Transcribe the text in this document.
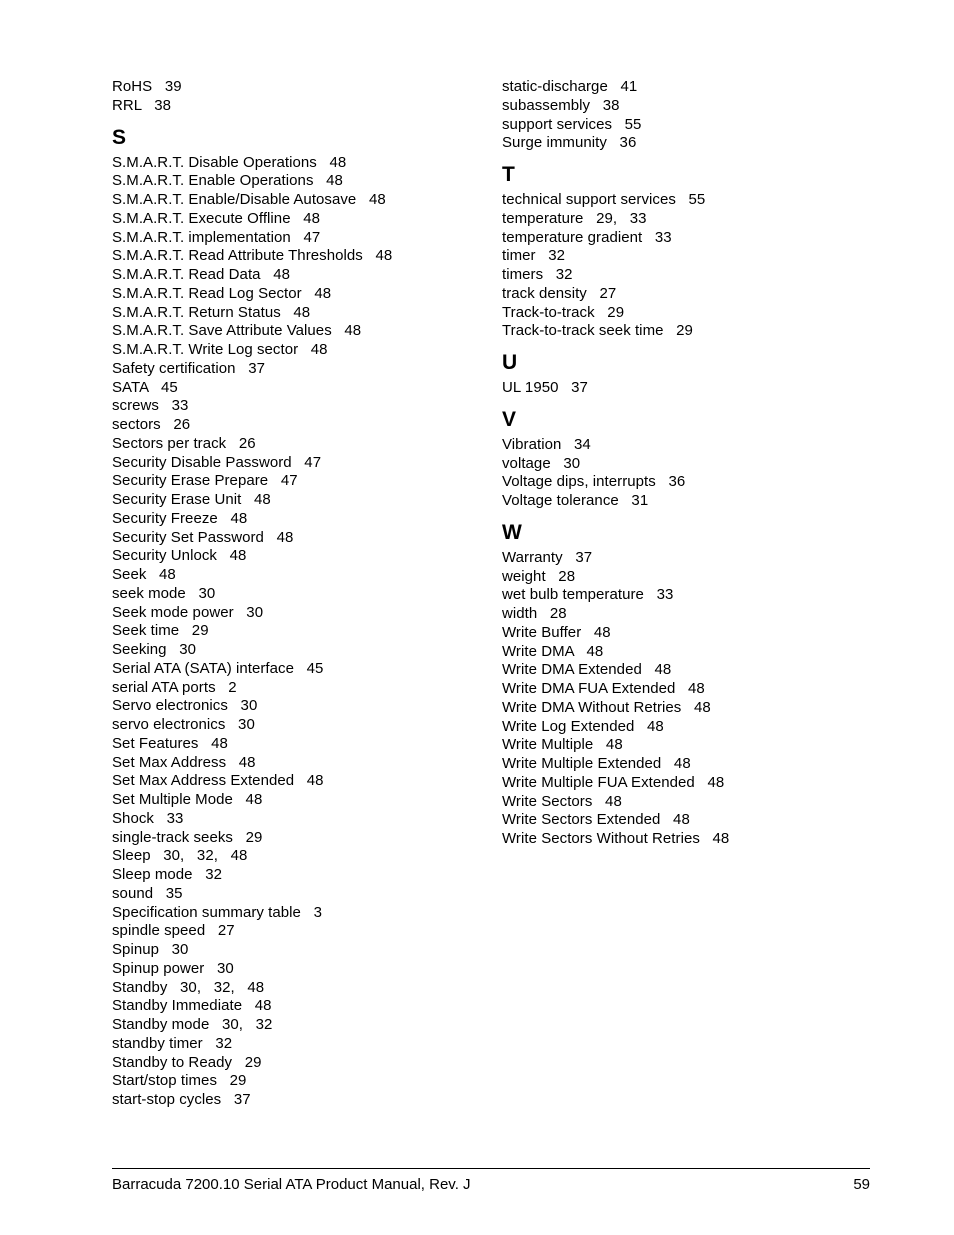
RoHS   39
RRL   38
S
S.M.A.R.T. Disable Operations   48
S.M.A.R.T. Enable Operations   48
S.M.A.R.T. Enable/Disable Autosave   48
S.M.A.R.T. Execute Offline   48
S.M.A.R.T. implementation   47
S.M.A.R.T. Read Attribute Thresholds   48
S.M.A.R.T. Read Data   48
S.M.A.R.T. Read Log Sector   48
S.M.A.R.T. Return Status   48
S.M.A.R.T. Save Attribute Values   48
S.M.A.R.T. Write Log sector   48
Safety certification   37
SATA   45
screws   33
sectors   26
Sectors per track   26
Security Disable Password   47
Security Erase Prepare   47
Security Erase Unit   48
Security Freeze   48
Security Set Password   48
Security Unlock   48
Seek   48
seek mode   30
Seek mode power   30
Seek time   29
Seeking   30
Serial ATA (SATA) interface   45
serial ATA ports   2
Servo electronics   30
servo electronics   30
Set Features   48
Set Max Address   48
Set Max Address Extended   48
Set Multiple Mode   48
Shock   33
single-track seeks   29
Sleep   30,   32,   48
Sleep mode   32
sound   35
Specification summary table   3
spindle speed   27
Spinup   30
Spinup power   30
Standby   30,   32,   48
Standby Immediate   48
Standby mode   30,   32
standby timer   32
Standby to Ready   29
Start/stop times   29
start-stop cycles   37
static-discharge   41
subassembly   38
support services   55
Surge immunity   36
T
technical support services   55
temperature   29,   33
temperature gradient   33
timer   32
timers   32
track density   27
Track-to-track   29
Track-to-track seek time   29
U
UL 1950   37
V
Vibration   34
voltage   30
Voltage dips, interrupts   36
Voltage tolerance   31
W
Warranty   37
weight   28
wet bulb temperature   33
width   28
Write Buffer   48
Write DMA   48
Write DMA Extended   48
Write DMA FUA Extended   48
Write DMA Without Retries   48
Write Log Extended   48
Write Multiple   48
Write Multiple Extended   48
Write Multiple FUA Extended   48
Write Sectors   48
Write Sectors Extended   48
Write Sectors Without Retries   48
Barracuda 7200.10 Serial ATA Product Manual, Rev. J	59
